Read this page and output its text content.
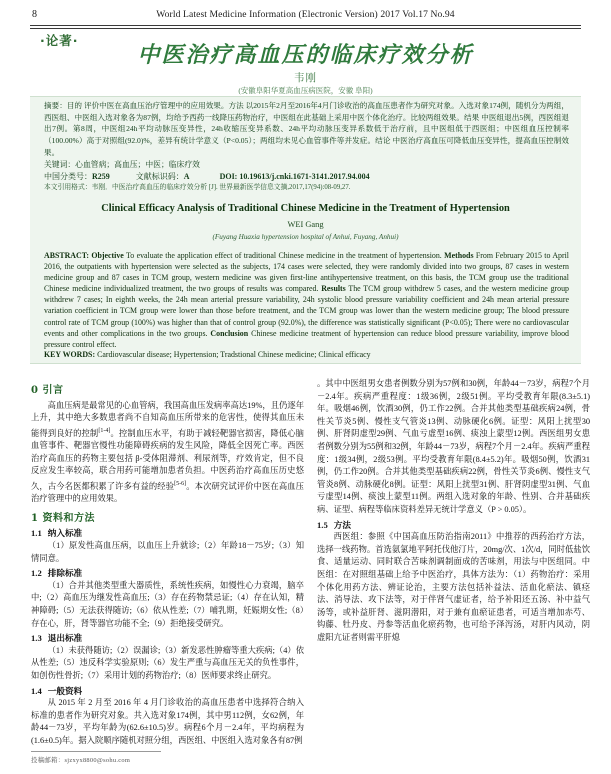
8	World Latest Medicine Information (Electronic Version) 2017 Vol.17 No.94
·论著·
中医治疗高血压的临床疗效分析
韦刚
(安徽阜阳华夏高血压病医院，安徽 阜阳)
摘要：目的 评价中医在高血压治疗管理中的应用效果。方法 以2015年2月至2016年4月门诊收治的高血压患者作为研究对象。入选对象174例，随机分为两组，西医组、中医组入选对象各为87例，均给予西药一线降压药物治疗，中医组在此基础上采用中医个体化治疗。比较两组效果。结果 中医组退出5例，西医组退出7例。第8周，中医组24h平均动脉压变异性，24h收缩压变异系数、24h平均动脉压变异系数低于治疗前，且中医组低于西医组；中医组血压控制率（100.00%）高于对照组(92.0)%，差异有统计学意义（P<0.05）；两组均未见心血管事件等并发症。结论 中医治疗高血压可降低血压变异性，提高血压控制效果。
关键词：心血管病；高血压；中医；临床疗效
中国分类号：R259	文献标识码：A	DOI: 10.19613/j.cnki.1671-3141.2017.94.004
本文引用格式：韦刚．中医治疗高血压的临床疗效分析 [J]. 世界最新医学信息文摘,2017,17(94):08-09,27.
Clinical Efficacy Analysis of Traditional Chinese Medicine in the Treatment of Hypertension
WEI Gang
(Fuyang Huaxia hypertension hospital of Anhui, Fuyang, Anhui)
ABSTRACT: Objective To evaluate the application effect of traditional Chinese medicine in the treatment of hypertension. Methods From February 2015 to April 2016, the outpatients with hypertension were selected as the subjects, 174 cases were selected, they were randomly divided into two groups, 87 cases in western medicine group and 87 cases in TCM group, western medicine was given first-line antihypertensive treatment, on this basis, the TCM group use the traditional Chinese medicine individualized treatment, the two groups of results was compared. Results The TCM group withdrew 5 cases, and the western medicine group withdrew 7 cases; In eighth weeks, the 24h mean arterial pressure variability, 24h systolic blood pressure variability coefficient and 24h mean arterial pressure variation coefficient in TCM group were lower than those before treatment, and the TCM group was lower than the western medicine group; The blood pressure control rate of TCM group (100%) was higher than that of control group (92.0%), the difference was statistically significant (P<0.05); There were no cardiovascular events and other complications in the two groups. Conclusion Chinese medicine treatment of hypertension can reduce blood pressure variability, improve blood pressure control effect.
KEY WORDS: Cardiovascular disease; Hypertension; Tradstional Chinese medicine; Clinical efficacy
0 引言

高血压病是最常见的心血管病，我国高血压发病率高达19%，且仍逐年上升，其中绝大多数患者尚不自知高血压所带来的危害性，使得其血压未能得到良好的控制[1-4]。控制血压水平，有助于减轻靶器官损害，降低心脑血管事件、靶器官慢性功能障碍疾病的发生风险，降低全因死亡率。西医治疗高血压的药物主要包括 β-受体阻滞剂、利尿剂等，疗效肯定，但不良反应发生率较高，联合用药可能增加患者负担。中医药治疗高血压历史悠久，古今名医都积累了许多有益的经验[5-6]。本次研究试评价中医在高血压治疗管理中的应用效果。

1 资料和方法
1.1 纳入标准

（1）原发性高血压病，以血压上升就诊;（2）年龄18－75岁;（3）知情同意。

1.2 排除标准

（1）合并其他类型重大器质性，系统性疾病，如慢性心力衰竭，脑卒中;（2）高血压为继发性高血压;（3）存在药物禁忌证;（4）存在认知，精神障碍;（5）无法获得随访;（6）依从性差;（7）哺乳期，妊娠期女性;（8）存在心，肝，肾等器官功能不全;（9）拒绝接受研究。

1.3 退出标准

（1）未获得随访;（2）误漏诊;（3）新发恶性肿瘤等重大疾病;（4）依从性差;（5）违反科学实验原则;（6）发生严重与高血压无关的负性事件，如创伤性骨折;（7）采用计划的药物治疗;（8）医师要求终止研究。

1.4 一般资料

从 2015 年 2 月至 2016 年 4 月门诊收治的高血压患者中选择符合纳入标准的患者作为研究对象。共入选对象174例，其中男112例，女62例，年龄44－73岁，平均年龄为(62.6±10.5)岁。病程6个月－2.4年，平均病程为(1.6±0.5)年。据入院顺序随机对照分组，西医组、中医组入选对象各有87例

。其中中医组男女患者例数分别为57例和30例，年龄44－73岁，病程7个月－2.4年。疾病严重程度：1级36例，2级51例。平均受教育年限(8.3±5.1)年。吸烟46例，饮酒30例，仍工作22例。合并其他类型基础疾病24例，骨性关节炎5例、慢性支气管炎13例、动脉硬化6例。证型：风阳上扰型30例、肝肾阴虚型29例、气血亏虚型16例、痰浊上蒙型12例。西医组男女患者例数分别为55例和32例，年龄44－73岁，病程7个月－2.4年。疾病严重程度：1级34例，2级53例。平均受教育年限(8.4±5.2)年。吸烟50例，饮酒31例，仍工作20例。合并其他类型基础疾病22例，骨性关节炎6例、慢性支气管炎8例、动脉硬化8例。证型：风阳上扰型31例、肝肾阴虚型31例、气血亏虚型14例、痰浊上蒙型11例。两组入选对象的年龄、性别、合并基础疾病、证型、病程等临床资料差异无统计学意义（P > 0.05）。

1.5 方法

西医组：参照《中国高血压防治指南2011》中推荐的西药治疗方法，选择一线药物。首选氨氯地平阿托伐他汀片，20mg/次、1次/d，同时低盐饮食、适量运动、同时联合苦味剂调制面成的苦味剂，用法与中医组同。中医组：在对照组基础上给予中医治疗，具体方法为：（1）药物治疗：采用个体化用药方法、辨证论治，主要方法包括补益法、活血化瘀法、镇痉法、消导法、攻下法等，对于伴肾气虚证者，给予补阳还五汤、补中益气汤等，或补益肝肾、滋阴潜阳，对于兼有血瘀证患者，可适当增加赤芍、钩藤、牡丹皮、丹参等活血化瘀药物，也可给予泽泻汤，对肝内风动，阴虚阳亢证者则需平肝熄

投稿邮箱：sjzxyx8800@sohu.com
